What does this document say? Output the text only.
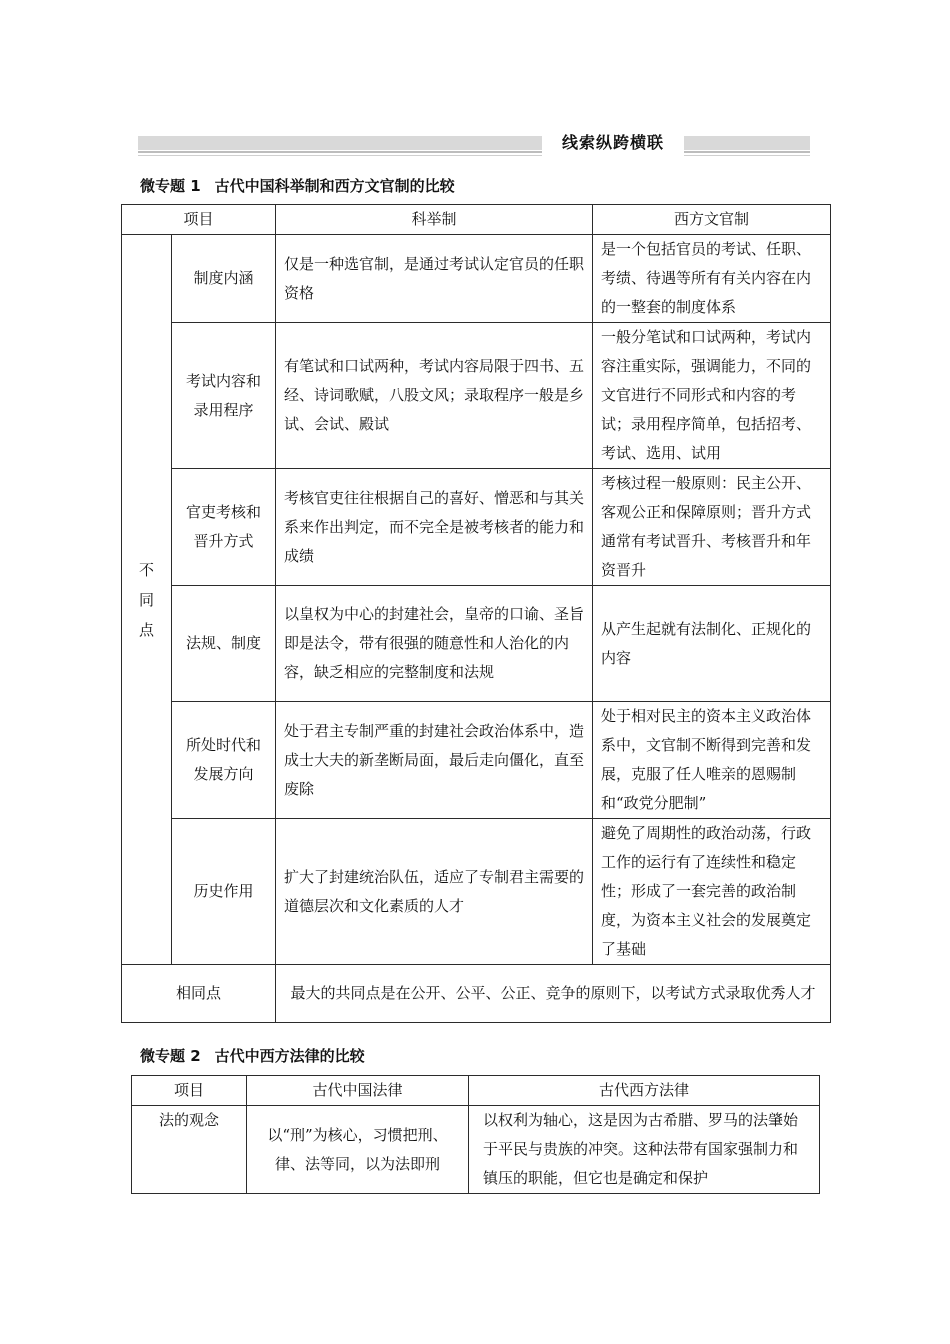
线索纵跨横联
微专题 1 古代中国科举制和西方文官制的比较
项目		科举制	西方文官制
不
同
点	制度内涵	仅是一种选官制，是通过考试认定官员的任职资格	是一个包括官员的考试、任职、考绩、待遇等所有有关内容在内的一整套的制度体系
	考试内容和录用程序	有笔试和口试两种，考试内容局限于四书、五经、诗词歌赋，八股文风；录取程序一般是乡试、会试、殿试	一般分笔试和口试两种，考试内容注重实际，强调能力，不同的文官进行不同形式和内容的考试；录用程序简单，包括招考、考试、选用、试用
	官吏考核和晋升方式	考核官吏往往根据自己的喜好、憎恶和与其关系来作出判定，而不完全是被考核者的能力和成绩	考核过程一般原则：民主公开、客观公正和保障原则；晋升方式通常有考试晋升、考核晋升和年资晋升
	法规、制度	以皇权为中心的封建社会，皇帝的口谕、圣旨即是法令，带有很强的随意性和人治化的内容，缺乏相应的完整制度和法规	从产生起就有法制化、正规化的内容
	所处时代和发展方向	处于君主专制严重的封建社会政治体系中，造成士大夫的新垄断局面，最后走向僵化，直至废除	处于相对民主的资本主义政治体系中，文官制不断得到完善和发展，克服了任人唯亲的恩赐制和“政党分肥制”
	历史作用	扩大了封建统治队伍，适应了专制君主需要的道德层次和文化素质的人才	避免了周期性的政治动荡，行政工作的运行有了连续性和稳定性；形成了一套完善的政治制度，为资本主义社会的发展奠定了基础
相同点		最大的共同点是在公开、公平、公正、竞争的原则下，以考试方式录取优秀人才	
微专题 2 古代中西方法律的比较
项目	古代中国法律	古代西方法律
法的观念	以“刑”为核心，习惯把刑、律、法等同，以为法即刑	以权利为轴心，这是因为古希腊、罗马的法肇始于平民与贵族的冲突。这种法带有国家强制力和镇压的职能，但它也是确定和保护
